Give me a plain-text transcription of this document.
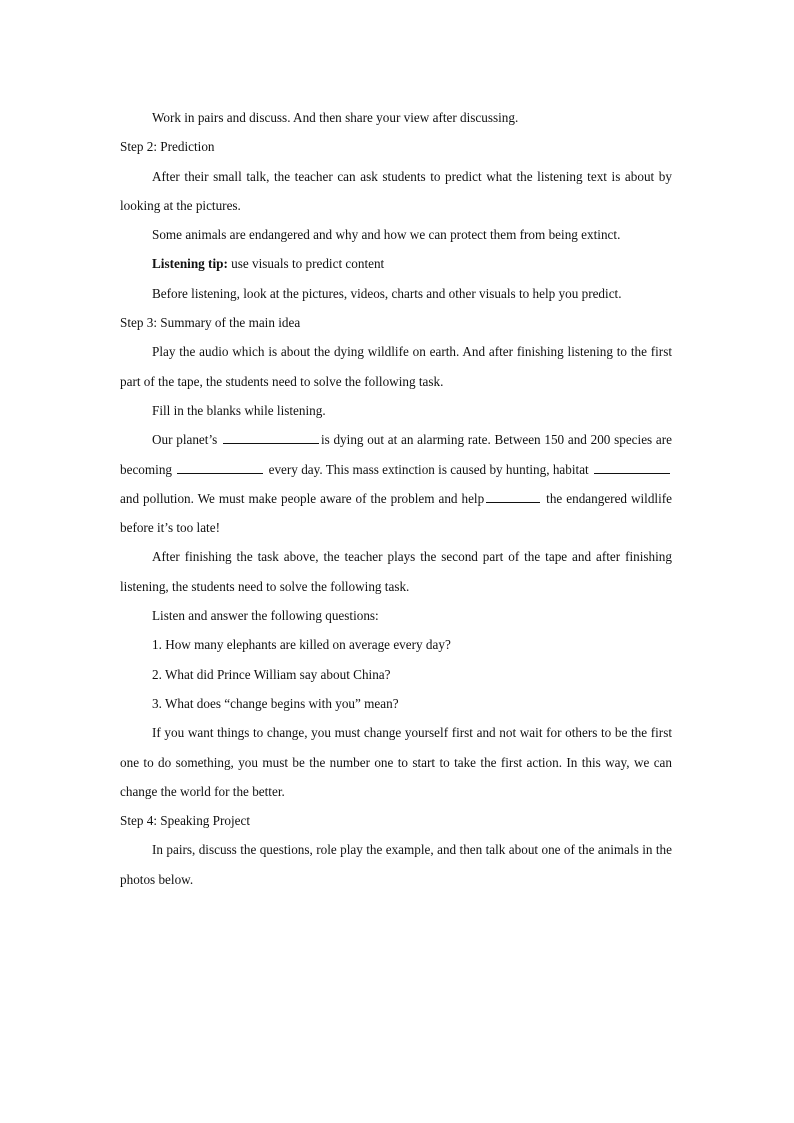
Work in pairs and discuss. And then share your view after discussing.

Step 2: Prediction

After their small talk, the teacher can ask students to predict what the listening text is about by looking at the pictures.

Some animals are endangered and why and how we can protect them from being extinct.

Listening tip: use visuals to predict content

Before listening, look at the pictures, videos, charts and other visuals to help you predict.

Step 3: Summary of the main idea

Play the audio which is about the dying wildlife on earth. And after finishing listening to the first part of the tape, the students need to solve the following task.

Fill in the blanks while listening.

Our planet’s	is dying out at an alarming rate. Between 150 and 200 species are becoming	every day. This mass extinction is caused by hunting, habitat and pollution. We must make people aware of the problem and help	the endangered wildlife before it’s too late!

After finishing the task above, the teacher plays the second part of the tape and after finishing listening, the students need to solve the following task.

Listen and answer the following questions:

1. How many elephants are killed on average every day?

2. What did Prince William say about China?

3. What does “change begins with you” mean?

If you want things to change, you must change yourself first and not wait for others to be the first one to do something, you must be the number one to start to take the first action. In this way, we can change the world for the better.

Step 4: Speaking Project

In pairs, discuss the questions, role play the example, and then talk about one of the animals in the photos below.
